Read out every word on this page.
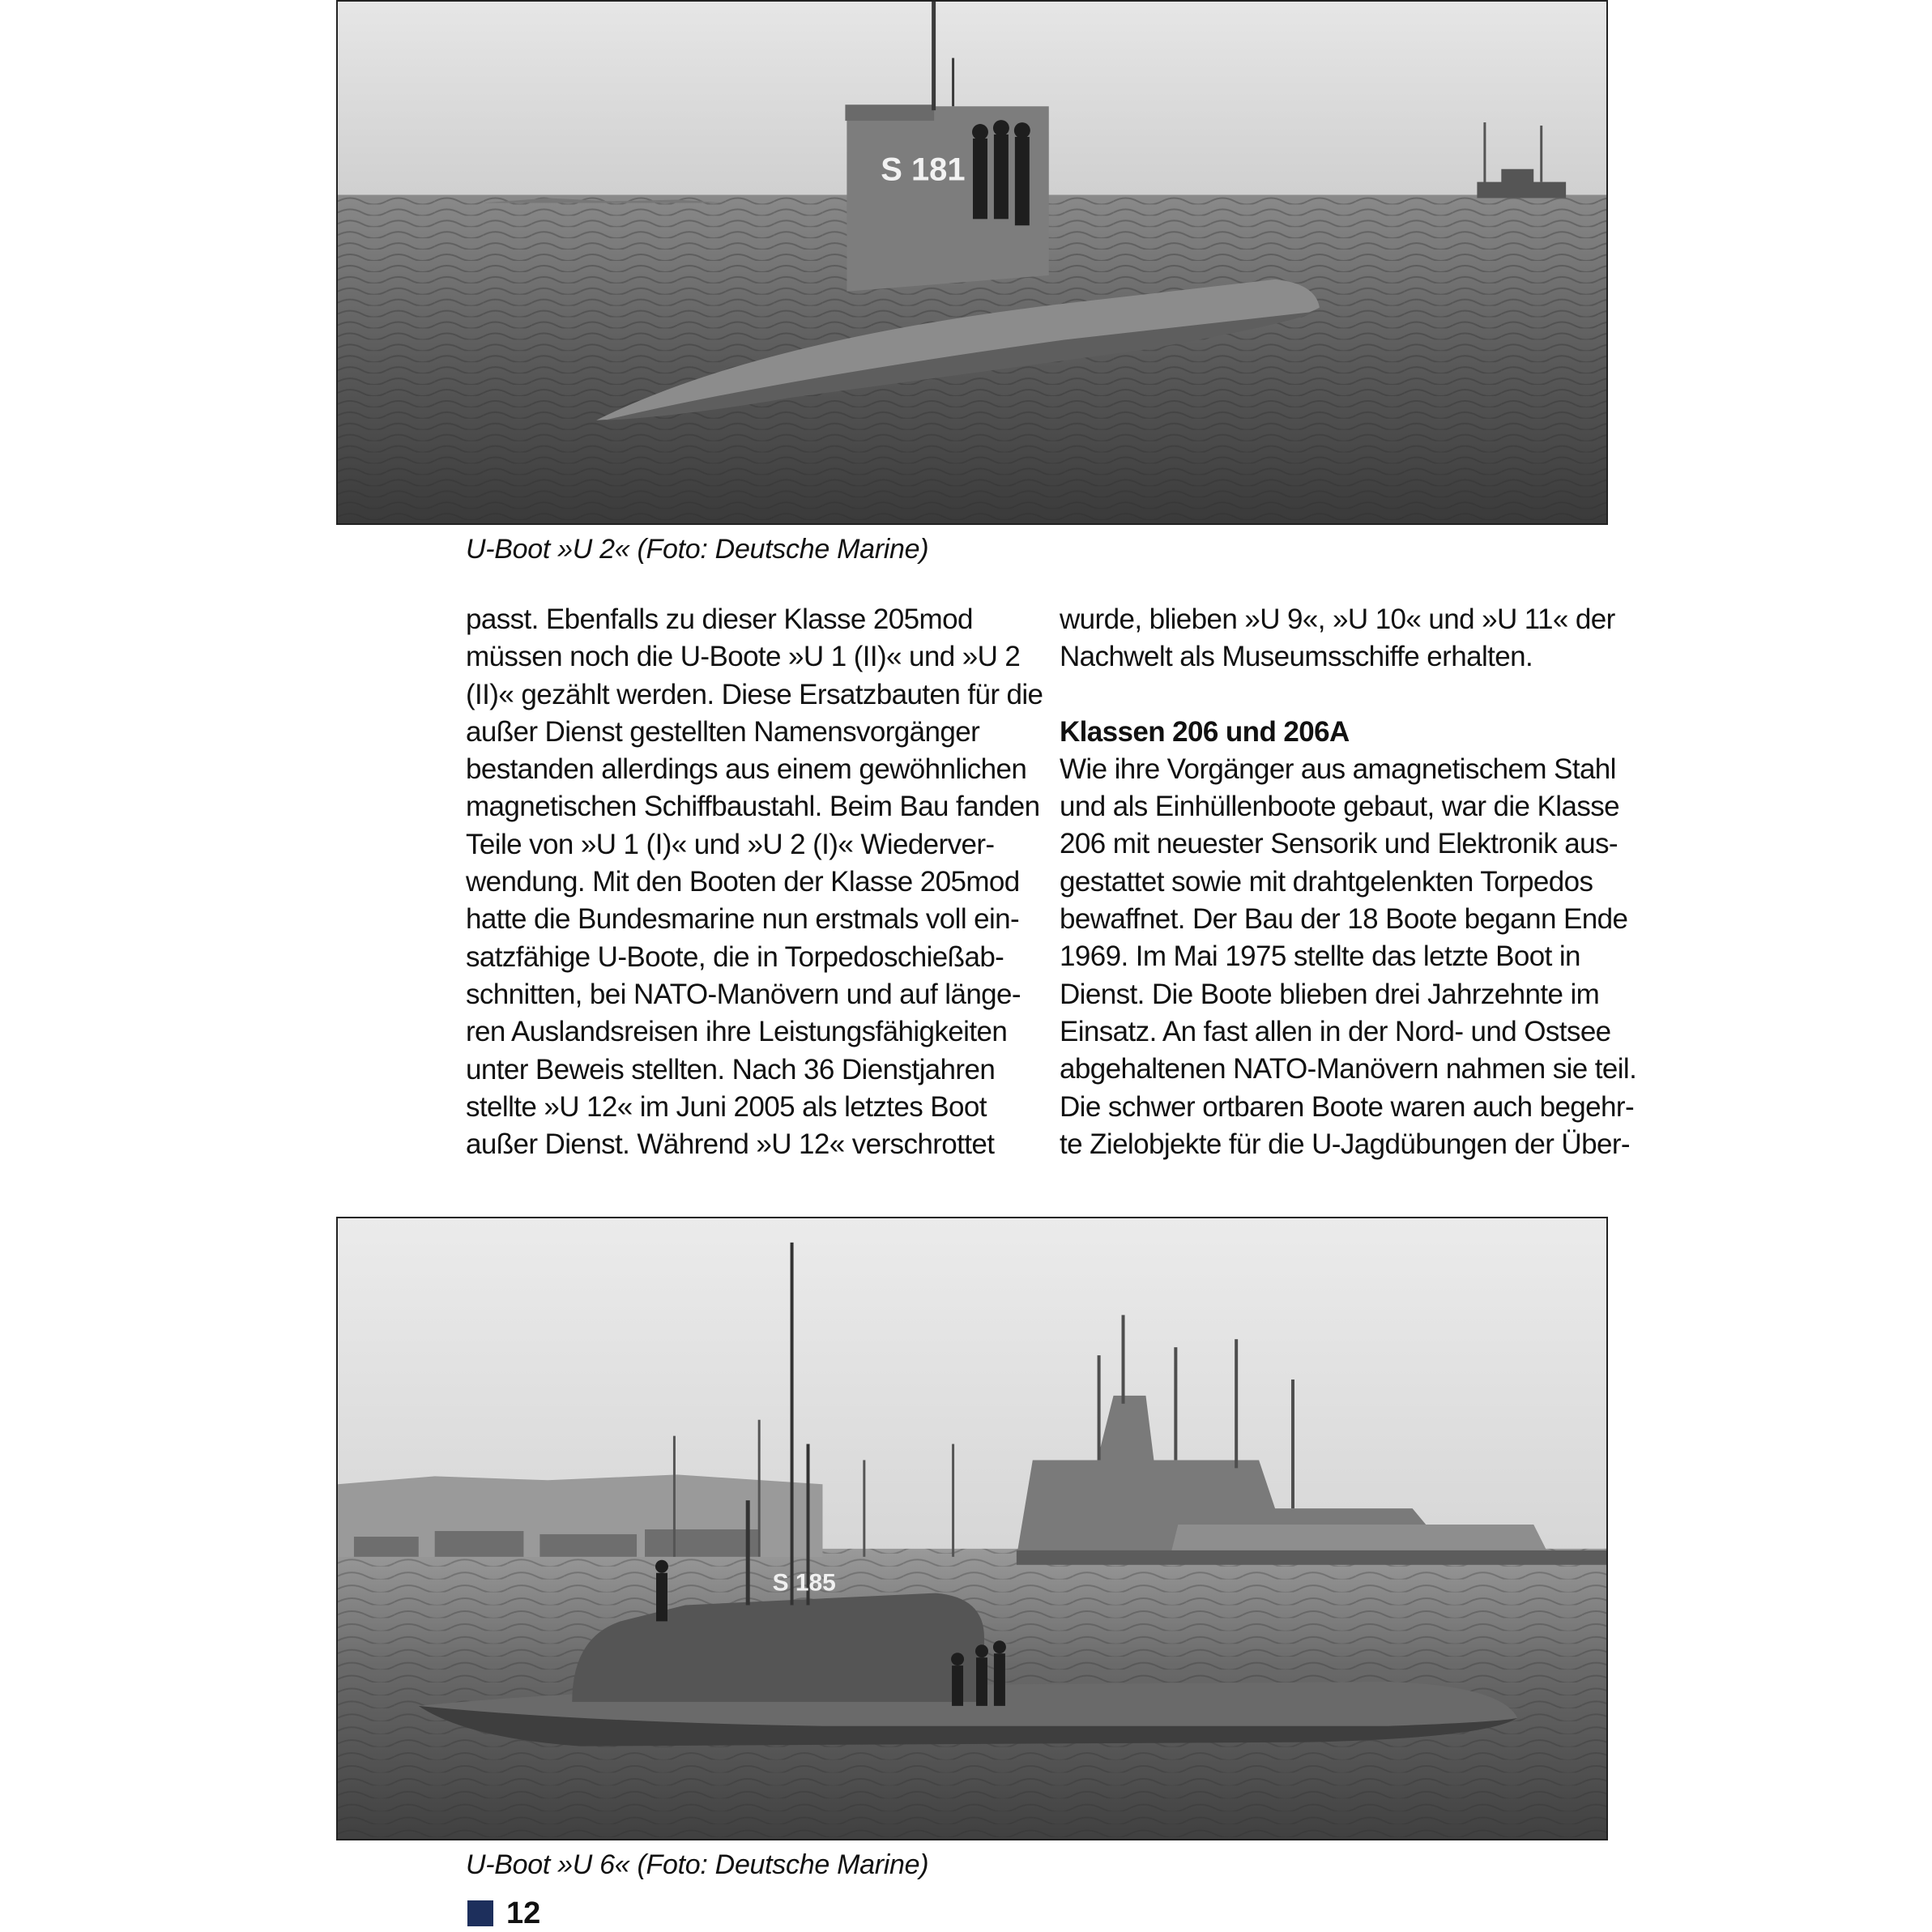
S 181
U-Boot »U 2« (Foto: Deutsche Marine)
passt. Ebenfalls zu dieser Klasse 205mod
müssen noch die U-Boote »U 1 (II)« und »U 2
(II)« gezählt werden. Diese Ersatzbauten für die
außer Dienst gestellten Namensvorgänger
bestanden allerdings aus einem gewöhnlichen
magnetischen Schiffbaustahl. Beim Bau fanden
Teile von »U 1 (I)« und »U 2 (I)« Wiederver-
wendung. Mit den Booten der Klasse 205mod
hatte die Bundesmarine nun erstmals voll ein-
satzfähige U-Boote, die in Torpedoschießab-
schnitten, bei NATO-Manövern und auf länge-
ren Auslandsreisen ihre Leistungsfähigkeiten
unter Beweis stellten. Nach 36 Dienstjahren
stellte »U 12« im Juni 2005 als letztes Boot
außer Dienst. Während »U 12« verschrottet
wurde, blieben »U 9«, »U 10« und »U 11« der
Nachwelt als Museumsschiffe erhalten.
Klassen 206 und 206A
Wie ihre Vorgänger aus amagnetischem Stahl
und als Einhüllenboote gebaut, war die Klasse
206 mit neuester Sensorik und Elektronik aus-
gestattet sowie mit drahtgelenkten Torpedos
bewaffnet. Der Bau der 18 Boote begann Ende
1969. Im Mai 1975 stellte das letzte Boot in
Dienst. Die Boote blieben drei Jahrzehnte im
Einsatz. An fast allen in der Nord- und Ostsee
abgehaltenen NATO-Manövern nahmen sie teil.
Die schwer ortbaren Boote waren auch begehr-
te Zielobjekte für die U-Jagdübungen der Über-
S 185
U-Boot »U 6« (Foto: Deutsche Marine)
12
